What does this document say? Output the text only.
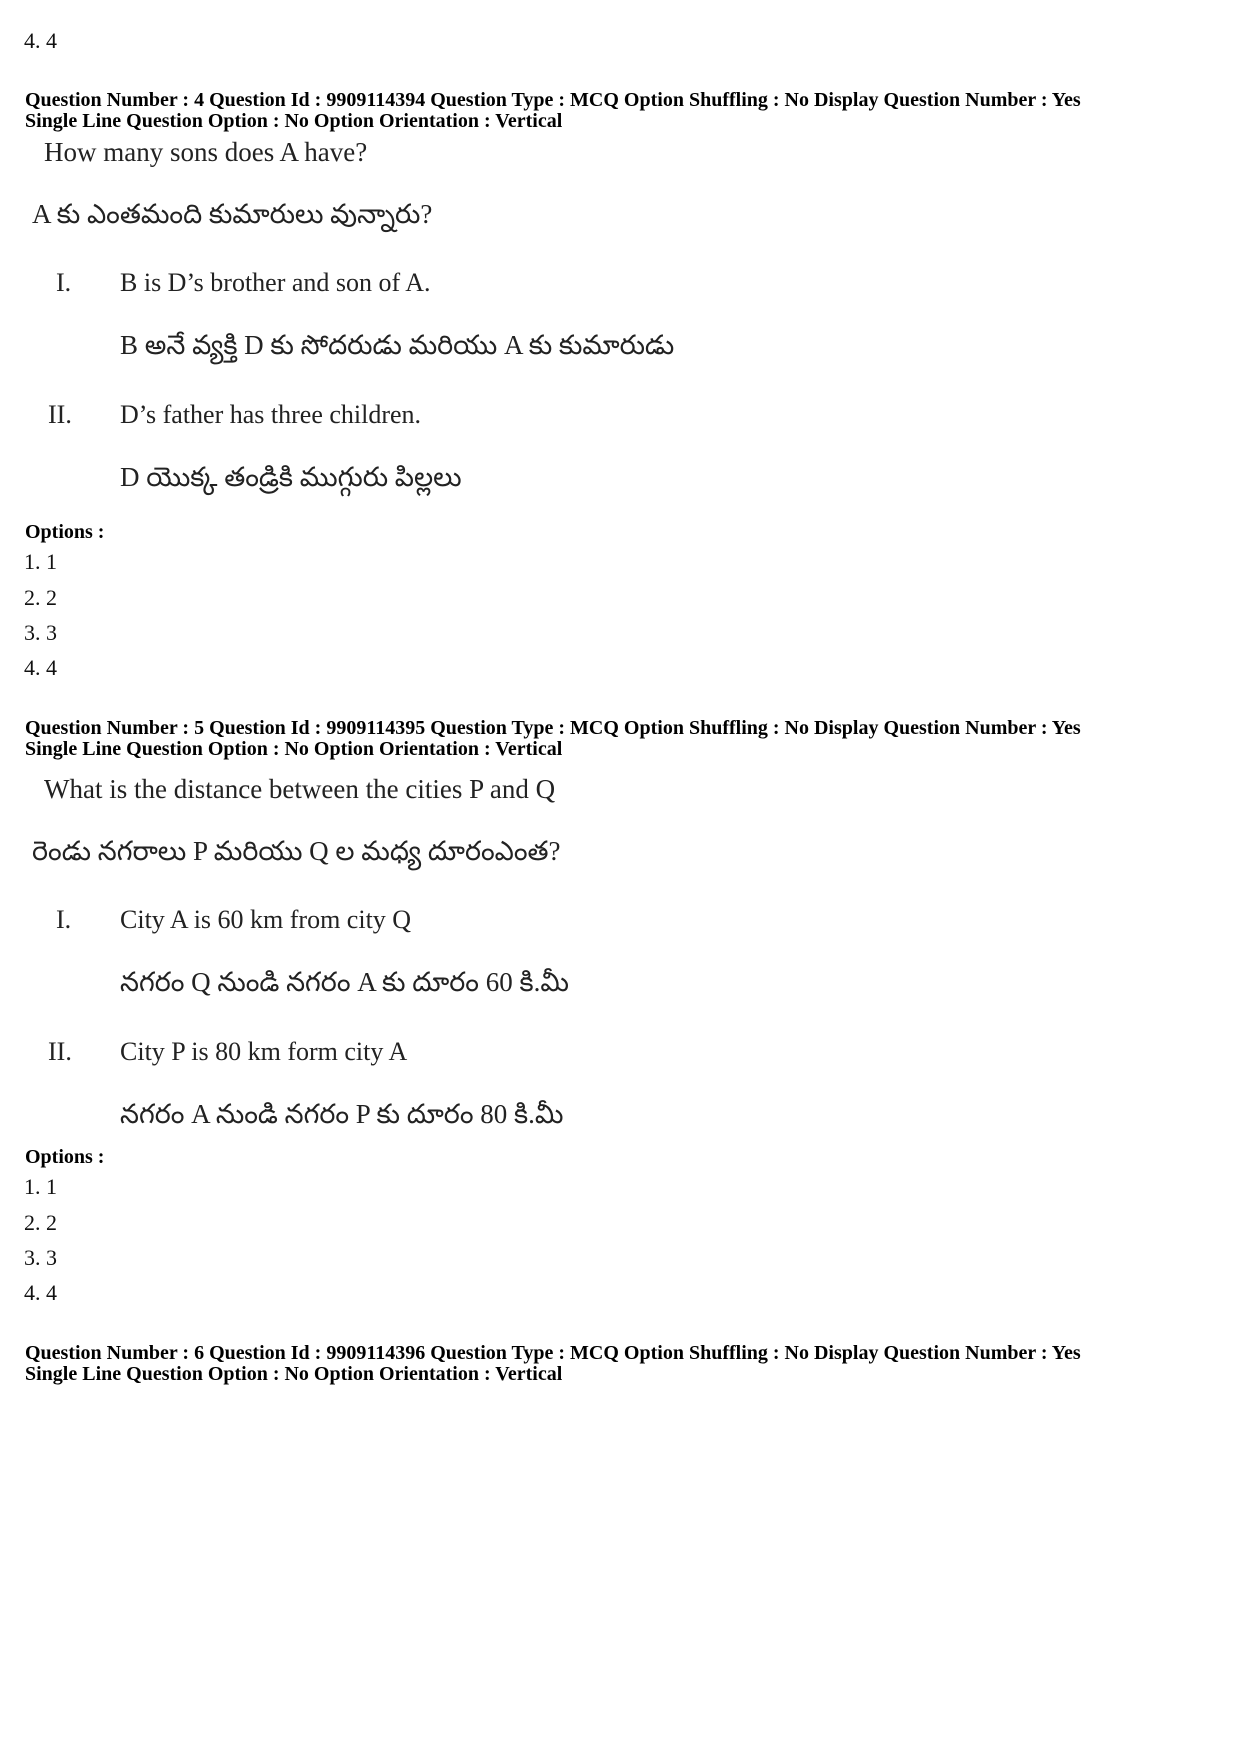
4. 4
Question Number : 4 Question Id : 9909114394 Question Type : MCQ Option Shuffling : No Display Question Number : Yes
Single Line Question Option : No Option Orientation : Vertical
How many sons does A have?
A కు ఎంతమంది కుమారులు వున్నారు?
I. B is D’s brother and son of A.
B అనే వ్యక్తి D కు సోదరుడు మరియు A కు కుమారుడు
II. D’s father has three children.
D యొక్క తండ్రికి ముగ్గురు పిల్లలు
Options :
1. 1
2. 2
3. 3
4. 4
Question Number : 5 Question Id : 9909114395 Question Type : MCQ Option Shuffling : No Display Question Number : Yes
Single Line Question Option : No Option Orientation : Vertical
What is the distance between the cities P and Q
రెండు నగరాలు P మరియు Q ల మధ్య దూరంఎంత?
I. City A is 60 km from city Q
నగరం Q నుండి నగరం A కు దూరం 60 కి.మీ
II. City P is 80 km form city A
నగరం A నుండి నగరం P కు దూరం 80 కి.మీ
Options :
1. 1
2. 2
3. 3
4. 4
Question Number : 6 Question Id : 9909114396 Question Type : MCQ Option Shuffling : No Display Question Number : Yes
Single Line Question Option : No Option Orientation : Vertical
